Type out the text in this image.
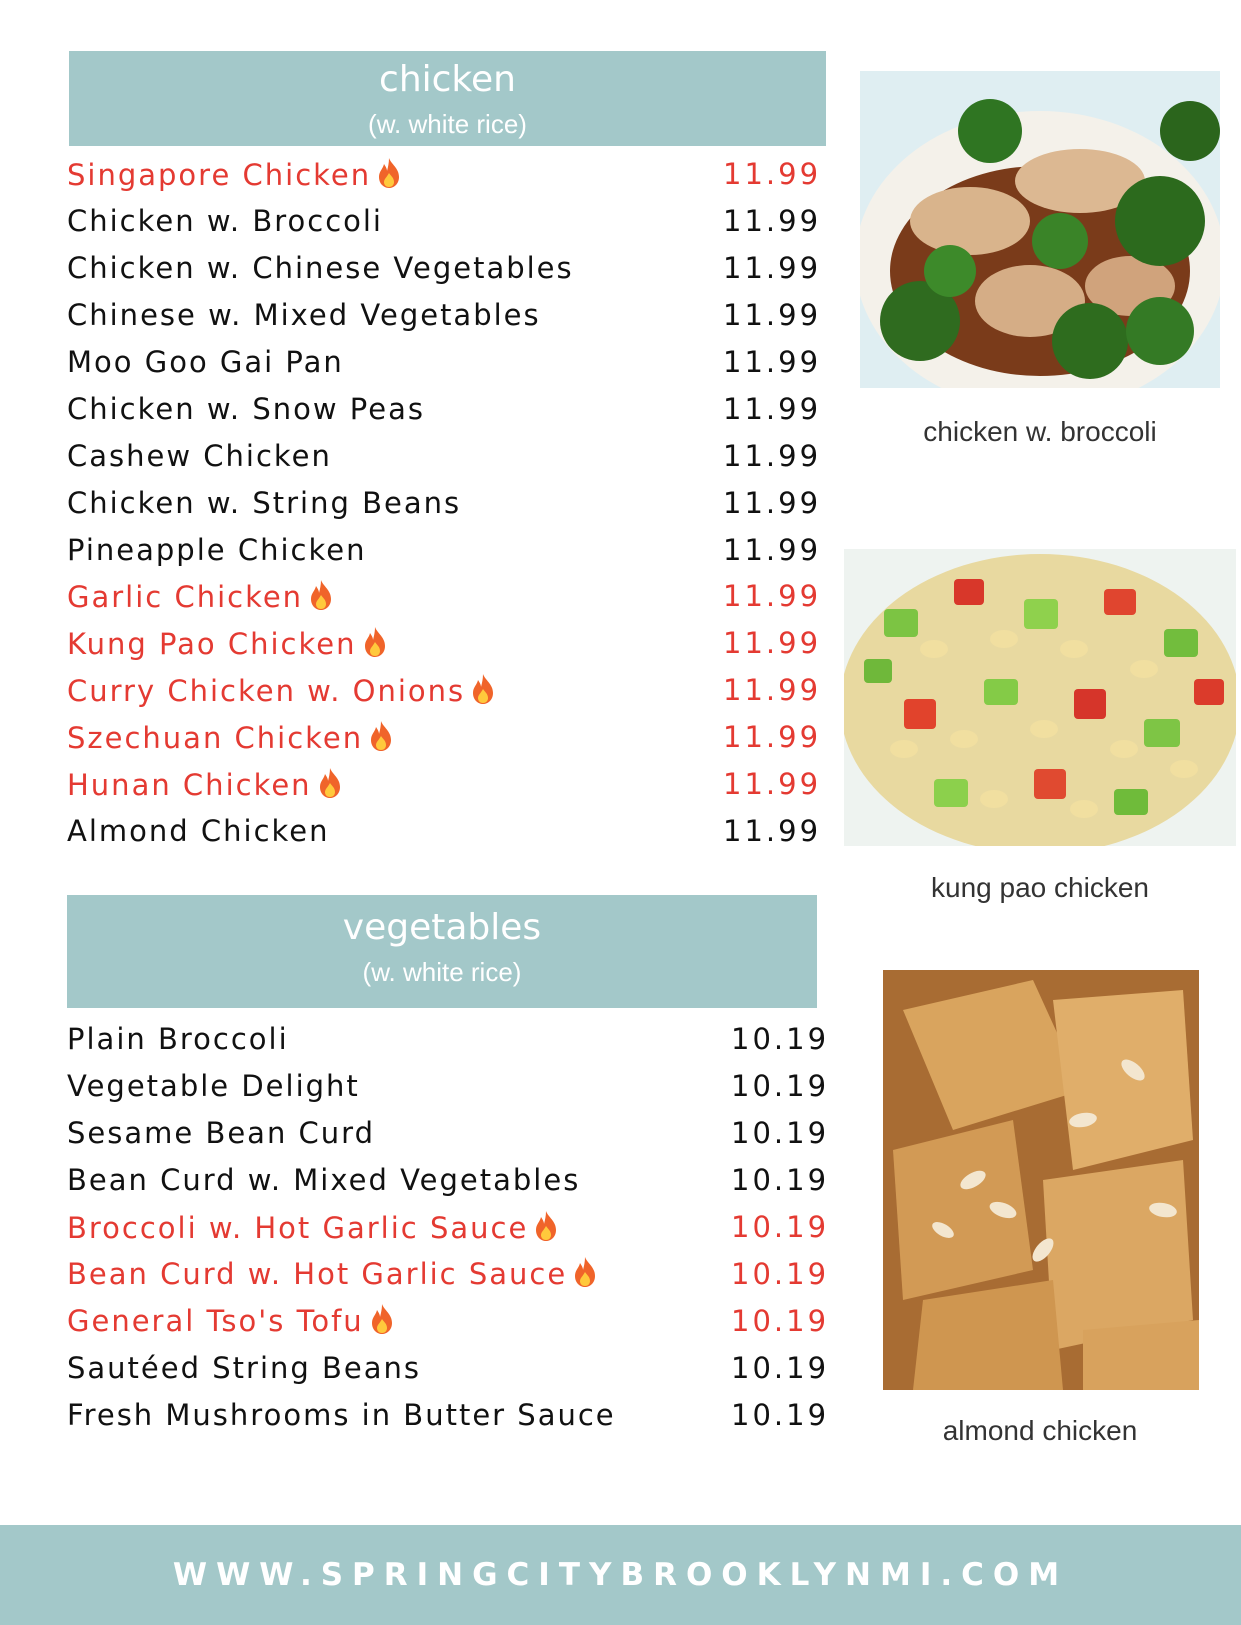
chicken
(w. white rice)
Singapore Chicken	11.99
Chicken w. Broccoli	11.99
Chicken w. Chinese Vegetables	11.99
Chinese w. Mixed Vegetables	11.99
Moo Goo Gai Pan	11.99
Chicken w. Snow Peas	11.99
Cashew Chicken	11.99
Chicken w. String Beans	11.99
Pineapple Chicken	11.99
Garlic Chicken	11.99
Kung Pao Chicken	11.99
Curry Chicken w. Onions	11.99
Szechuan Chicken	11.99
Hunan Chicken	11.99
Almond Chicken	11.99
vegetables
(w. white rice)
Plain Broccoli	10.19
Vegetable Delight	10.19
Sesame Bean Curd	10.19
Bean Curd w. Mixed Vegetables	10.19
Broccoli w. Hot Garlic Sauce	10.19
Bean Curd w. Hot Garlic Sauce	10.19
General Tso's Tofu	10.19
Sautéed String Beans	10.19
Fresh Mushrooms in Butter Sauce	10.19
chicken w. broccoli
kung pao chicken
almond chicken
WWW.SPRINGCITYBROOKLYNMI.COM
